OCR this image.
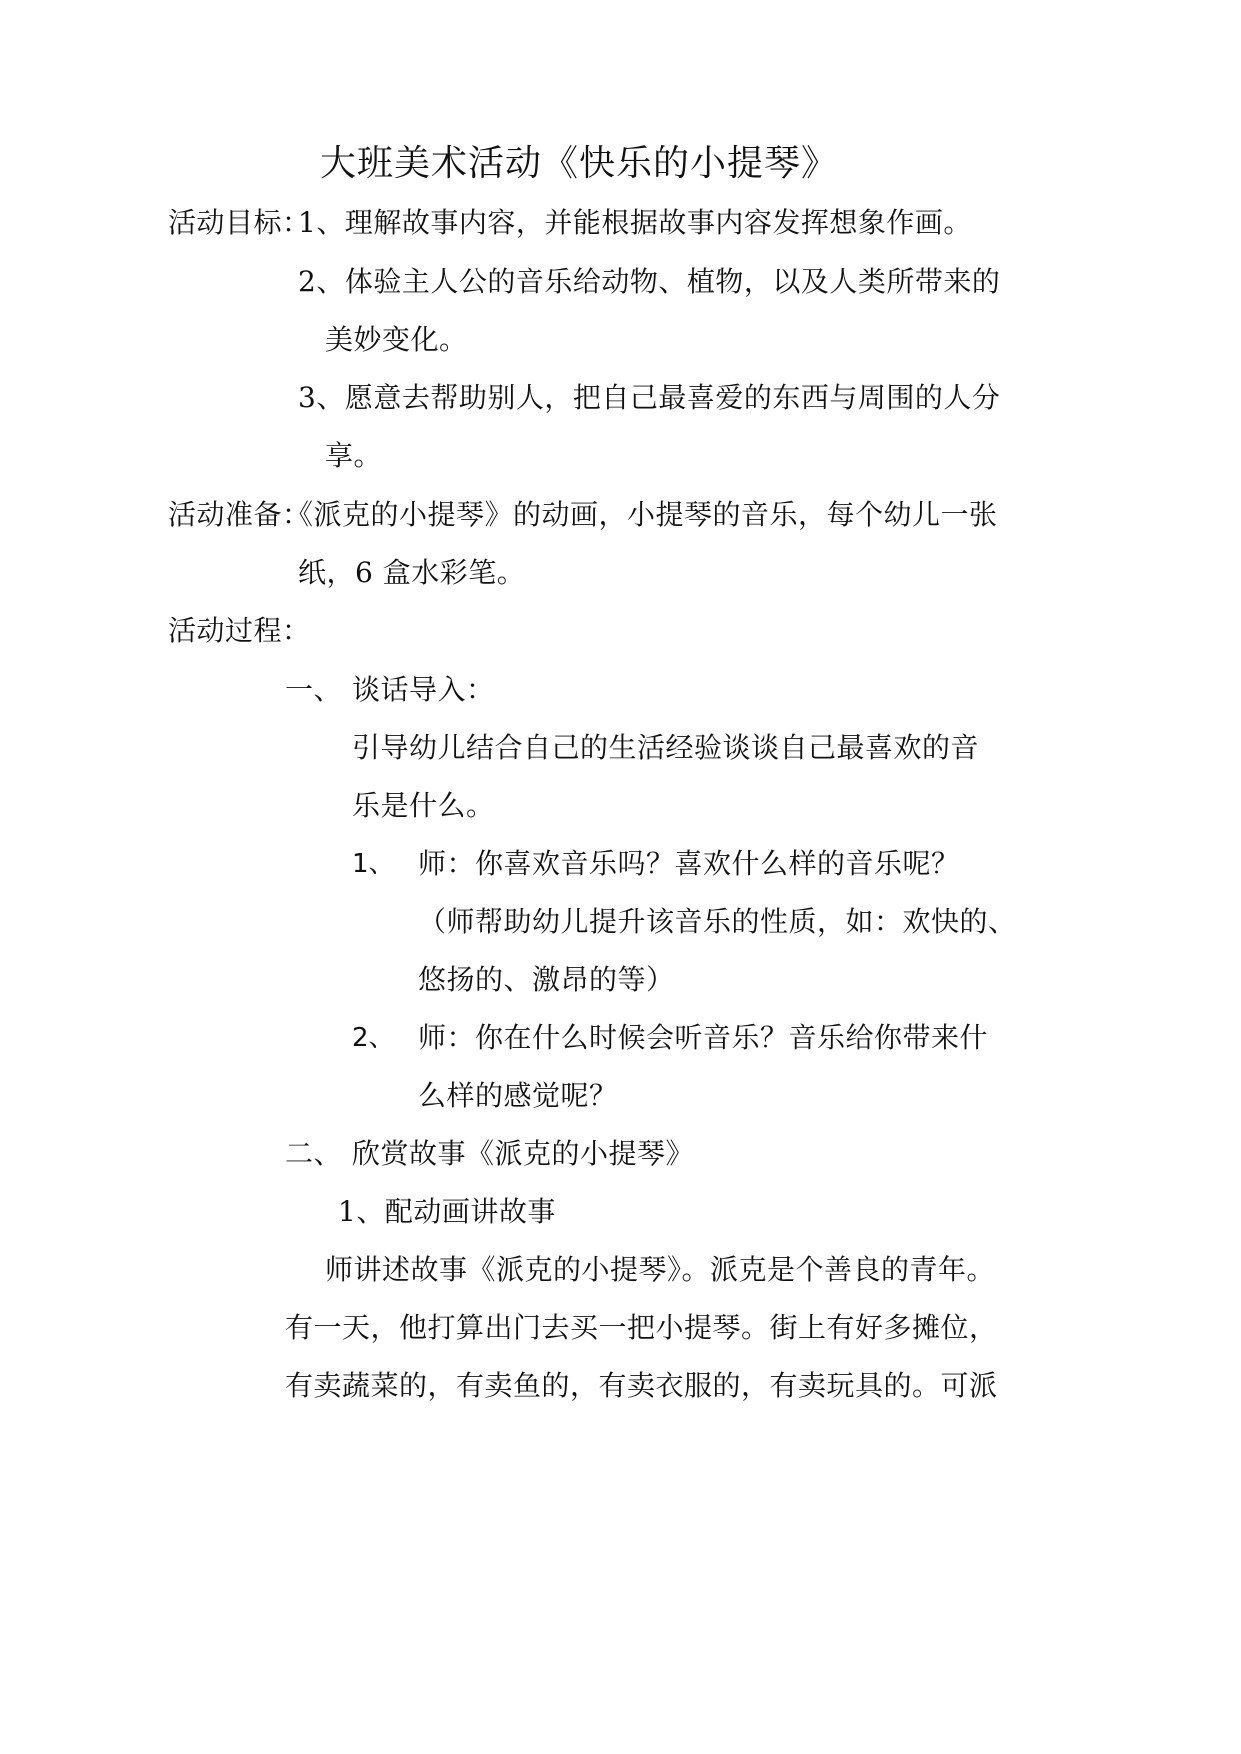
大班美术活动《快乐的小提琴》
活动目标：
1、理解故事内容，并能根据故事内容发挥想象作画。
2、体验主人公的音乐给动物、植物，以及人类所带来的
美妙变化。
3、愿意去帮助别人，把自己最喜爱的东西与周围的人分
享。
活动准备：
《派克的小提琴》的动画，小提琴的音乐，每个幼儿一张
纸，6 盒水彩笔。
活动过程：
一、 谈话导入：
引导幼儿结合自己的生活经验谈谈自己最喜欢的音
乐是什么。
1、 师：你喜欢音乐吗？喜欢什么样的音乐呢？
（师帮助幼儿提升该音乐的性质，如：欢快的、
悠扬的、激昂的等）
2、 师：你在什么时候会听音乐？音乐给你带来什
么样的感觉呢？
二、 欣赏故事《派克的小提琴》
1、配动画讲故事
师讲述故事《派克的小提琴》。派克是个善良的青年。
有一天，他打算出门去买一把小提琴。街上有好多摊位，
有卖蔬菜的，有卖鱼的，有卖衣服的，有卖玩具的。可派
